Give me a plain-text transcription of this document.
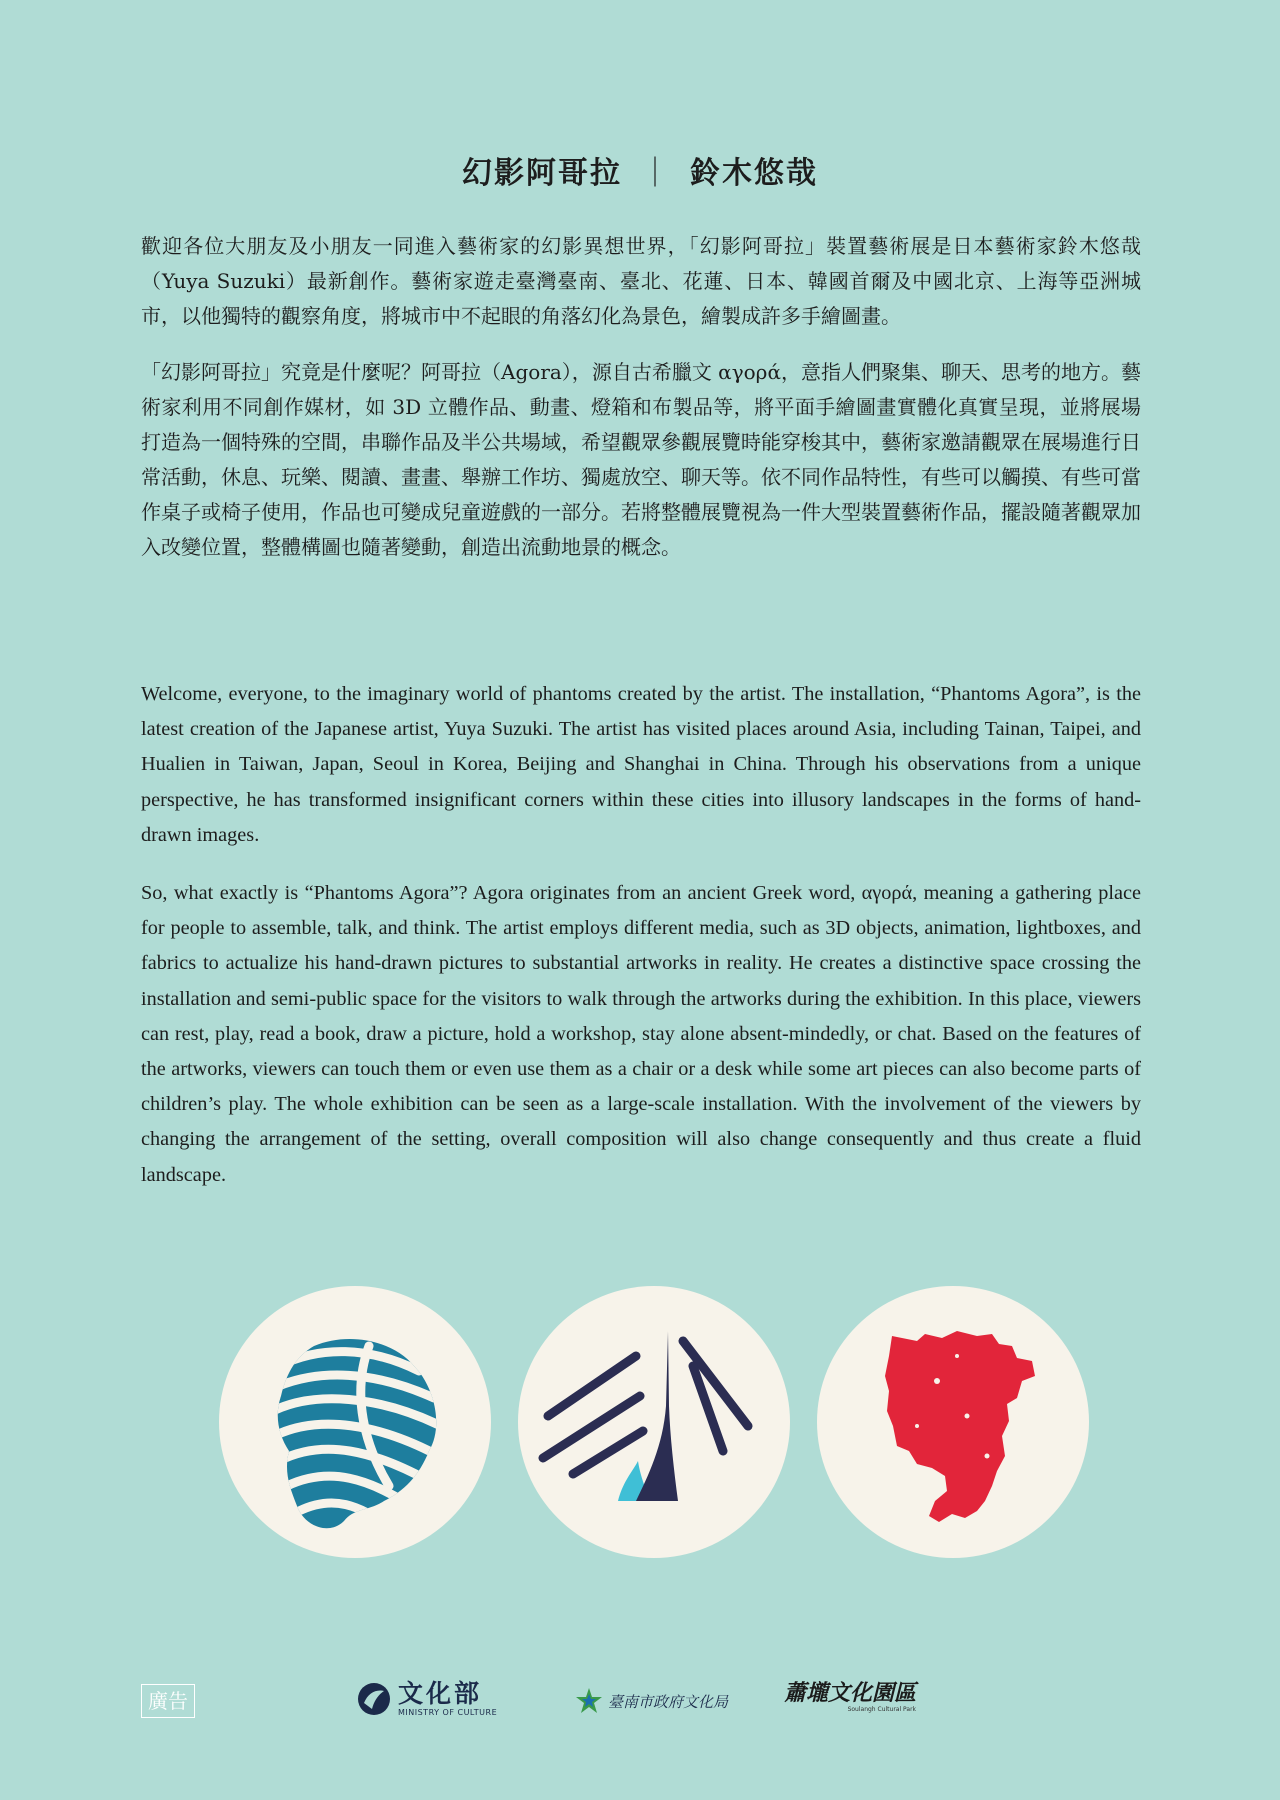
幻影阿哥拉 ｜ 鈴木悠哉

歡迎各位大朋友及小朋友一同進入藝術家的幻影異想世界，「幻影阿哥拉」裝置藝術展是日本藝術家鈴木悠哉（Yuya Suzuki）最新創作。藝術家遊走臺灣臺南、臺北、花蓮、日本、韓國首爾及中國北京、上海等亞洲城市，以他獨特的觀察角度，將城市中不起眼的角落幻化為景色，繪製成許多手繪圖畫。

「幻影阿哥拉」究竟是什麼呢？阿哥拉（Agora），源自古希臘文 αγορά，意指人們聚集、聊天、思考的地方。藝術家利用不同創作媒材，如 3D 立體作品、動畫、燈箱和布製品等，將平面手繪圖畫實體化真實呈現，並將展場打造為一個特殊的空間，串聯作品及半公共場域，希望觀眾參觀展覽時能穿梭其中，藝術家邀請觀眾在展場進行日常活動，休息、玩樂、閱讀、畫畫、舉辦工作坊、獨處放空、聊天等。依不同作品特性，有些可以觸摸、有些可當作桌子或椅子使用，作品也可變成兒童遊戲的一部分。若將整體展覽視為一件大型裝置藝術作品，擺設隨著觀眾加入改變位置，整體構圖也隨著變動，創造出流動地景的概念。

Welcome, everyone, to the imaginary world of phantoms created by the artist. The installation, “Phantoms Agora”, is the latest creation of the Japanese artist, Yuya Suzuki. The artist has visited places around Asia, including Tainan, Taipei, and Hualien in Taiwan, Japan, Seoul in Korea, Beijing and Shanghai in China. Through his observations from a unique perspective, he has transformed insignificant corners within these cities into illusory landscapes in the forms of hand-drawn images.

So, what exactly is “Phantoms Agora”? Agora originates from an ancient Greek word, αγορά, meaning a gathering place for people to assemble, talk, and think. The artist employs different media, such as 3D objects, animation, lightboxes, and fabrics to actualize his hand-drawn pictures to substantial artworks in reality. He creates a distinctive space crossing the installation and semi-public space for the visitors to walk through the artworks during the exhibition. In this place, viewers can rest, play, read a book, draw a picture, hold a workshop, stay alone absent-mindedly, or chat. Based on the features of the artworks, viewers can touch them or even use them as a chair or a desk while some art pieces can also become parts of children’s play. The whole exhibition can be seen as a large-scale installation. With the involvement of the viewers by changing the arrangement of the setting, overall composition will also change consequently and thus create a fluid landscape.

廣告	文化部
MINISTRY OF CULTURE
臺南市政府文化局	蕭壠文化園區
Soulangh Cultural Park
